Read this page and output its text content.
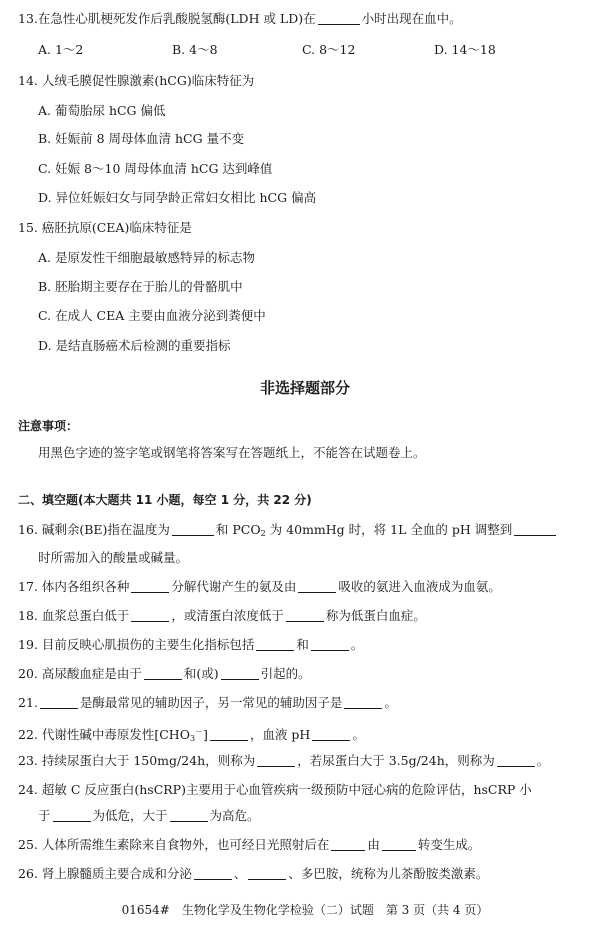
13.在急性心肌梗死发作后乳酸脱氢酶(LDH 或 LD)在	小时出现在血中。
A. 1～2	B. 4～8	C. 8～12	D. 14～18
14. 人绒毛膜促性腺激素(hCG)临床特征为
A. 葡萄胎尿 hCG 偏低
B. 妊娠前 8 周母体血清 hCG 量不变
C. 妊娠 8～10 周母体血清 hCG 达到峰值
D. 异位妊娠妇女与同孕龄正常妇女相比 hCG 偏高
15. 癌胚抗原(CEA)临床特征是
A. 是原发性干细胞最敏感特异的标志物
B. 胚胎期主要存在于胎儿的骨骼肌中
C. 在成人 CEA 主要由血液分泌到粪便中
D. 是结直肠癌术后检测的重要指标
非选择题部分
注意事项：
用黑色字迹的签字笔或钢笔将答案写在答题纸上，不能答在试题卷上。
二、填空题(本大题共 11 小题，每空 1 分，共 22 分)
16. 碱剩余(BE)指在温度为	和 $PCO_2$ 为 40mmHg 时，将 1L 全血的 pH 调整到
时所需加入的酸量或碱量。
17. 体内各组织各种	分解代谢产生的氨及由	吸收的氨进入血液成为血氨。
18. 血浆总蛋白低于	，或清蛋白浓度低于	称为低蛋白血症。
19. 目前反映心肌损伤的主要生化指标包括	和	。
20. 高尿酸血症是由于	和(或)	引起的。
21.	是酶最常见的辅助因子，另一常见的辅助因子是	。
22. 代谢性碱中毒原发性$[CHO_3^-]$	，血液 pH	。
23. 持续尿蛋白大于 150mg/24h，则称为	，若尿蛋白大于 3.5g/24h，则称为	。
24. 超敏 C 反应蛋白(hsCRP)主要用于心血管疾病一级预防中冠心病的危险评估，hsCRP 小
于	为低危，大于	为高危。
25. 人体所需维生素除来自食物外，也可经日光照射后在	由	转变生成。
26. 肾上腺髓质主要合成和分泌	、	、多巴胺，统称为儿茶酚胺类激素。
01654#　生物化学及生物化学检验（二）试题　第 3 页（共 4 页）
